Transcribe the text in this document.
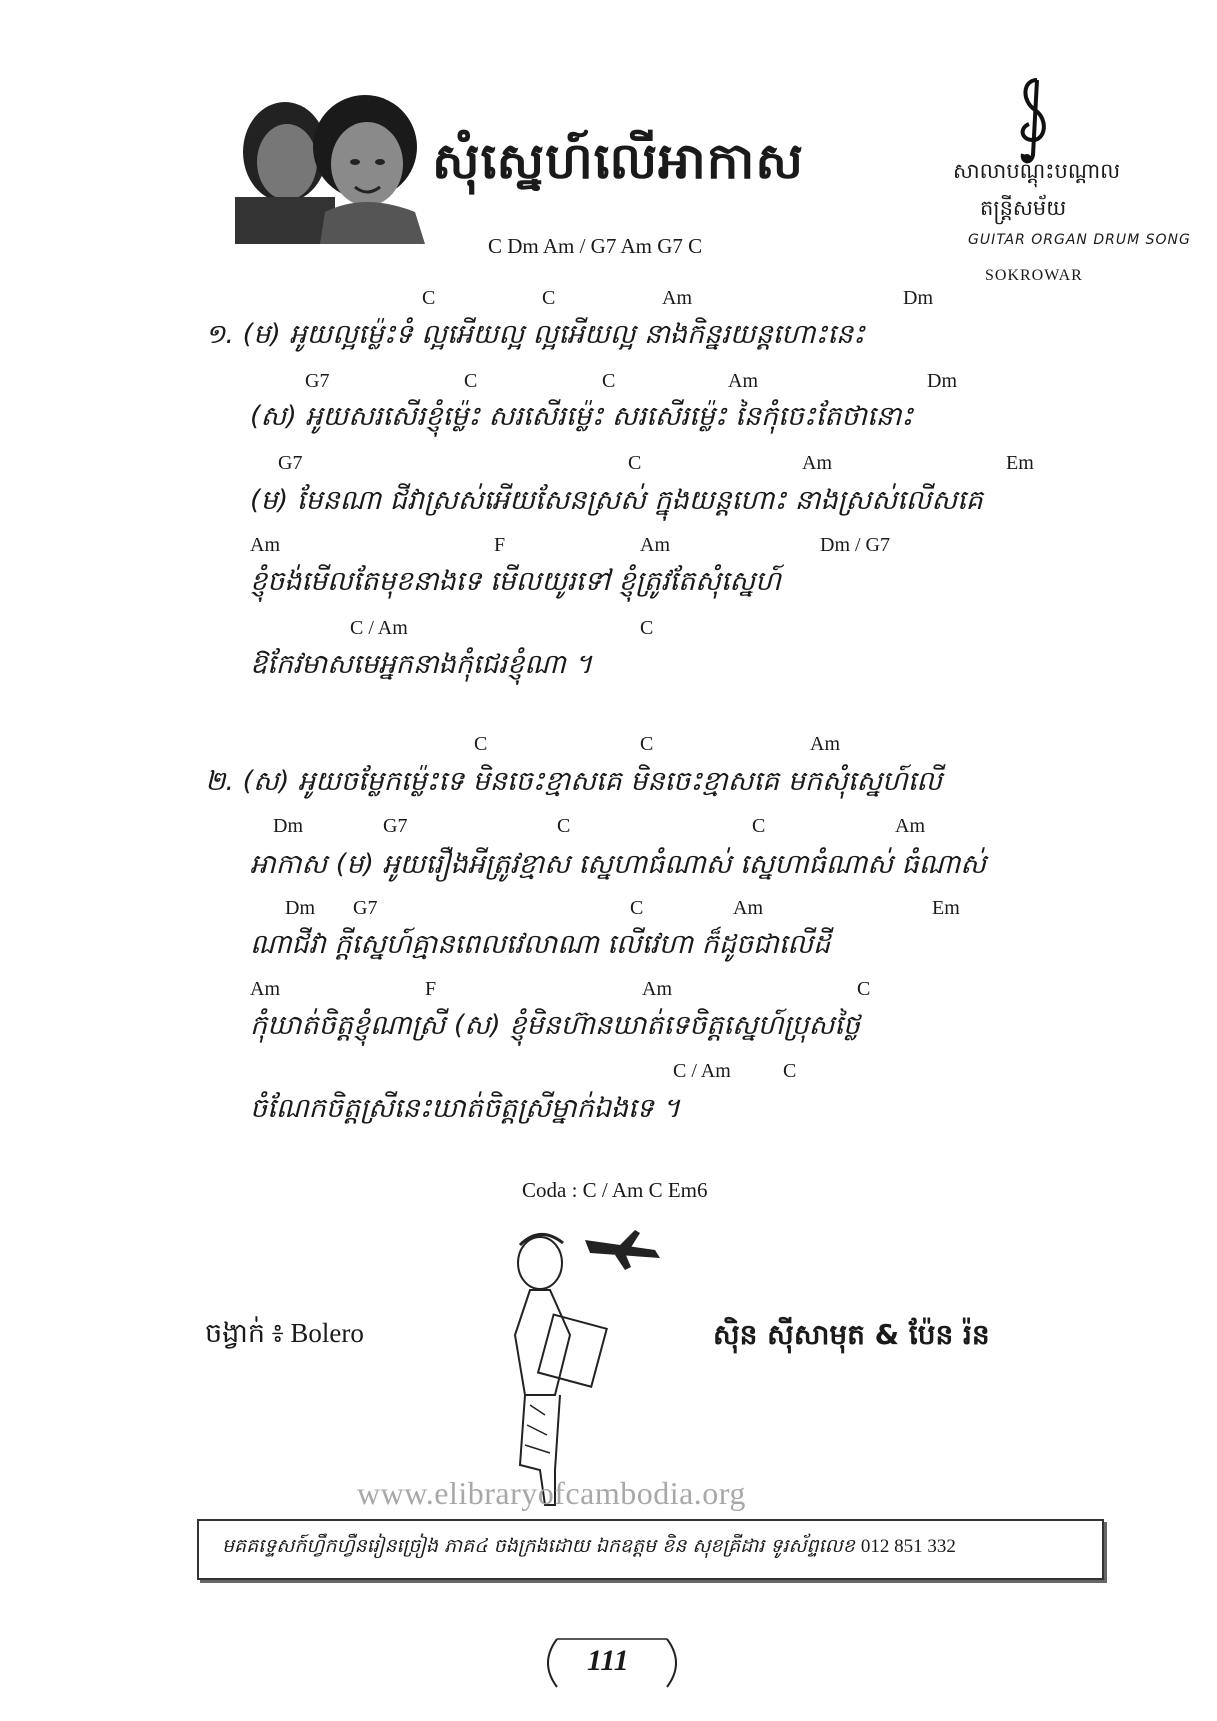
សុំស្នេហ៍លើអាកាស
C Dm Am / G7 Am G7 C
សាលាបណ្តុះបណ្តាល
តន្ត្រីសម័យ
GUITAR ORGAN DRUM SONG
SOKROWAR
C	C	Am	Dm
១. (ម) អូយល្អម៉្លេះទំ ល្អអើយល្អ ល្អអើយល្អ នាងកិន្នរយន្តហោះនេះ
G7	C	C	Am	Dm
(ស) អូយសរសើរខ្ញុំម៉្លេះ សរសើរម៉្លេះ សរសើរម៉្លេះ នៃកុំចេះតែថានោះ
G7	C	Am	Em
(ម) មែនណា ជីវាស្រស់អើយសែនស្រស់ ក្នុងយន្តហោះ នាងស្រស់លើសគេ
Am	F	Am	Dm / G7
ខ្ញុំចង់មើលតែមុខនាងទេ មើលយូរទៅ ខ្ញុំត្រូវតែសុំស្នេហ៍
C / Am	C
ឱកែវមាសមេអ្នកនាងកុំជេរខ្ញុំណា ។
C	C	Am
២. (ស) អូយចម្លែកម៉្លេះទេ មិនចេះខ្មាសគេ មិនចេះខ្មាសគេ មកសុំស្នេហ៍លើ
Dm	G7	C	C	Am
អាកាស (ម) អូយរឿងអីត្រូវខ្មាស ស្នេហាធំណាស់ ស្នេហាធំណាស់ ធំណាស់
Dm G7	C	Am	Em
ណាជីវា ក្តីស្នេហ៍គ្មានពេលវេលាណា លើវេហា ក៏ដូចជាលើដី
Am	F	Am	C
កុំឃាត់ចិត្តខ្ញុំណាស្រី (ស) ខ្ញុំមិនហ៊ានឃាត់ទេចិត្តស្នេហ៍ប្រុសថ្លៃ
C / Am	C
ចំណែកចិត្តស្រីនេះឃាត់ចិត្តស្រីម្នាក់ឯងទេ ។
Coda : C / Am C Em6
ចង្វាក់ ៖ Bolero	ស៊ិន ស៊ីសាមុត & ប៉ែន រ៉ន
www.elibraryofcambodia.org
មគគទ្ទេសក៍ហ្វឹកហ្វឺនរៀនច្រៀង ភាគ៤ ចងក្រងដោយ ឯកឧត្តម ខិន សុខគ្រីដារ ទូរស័ព្ទលេខ 012 851 332
111
